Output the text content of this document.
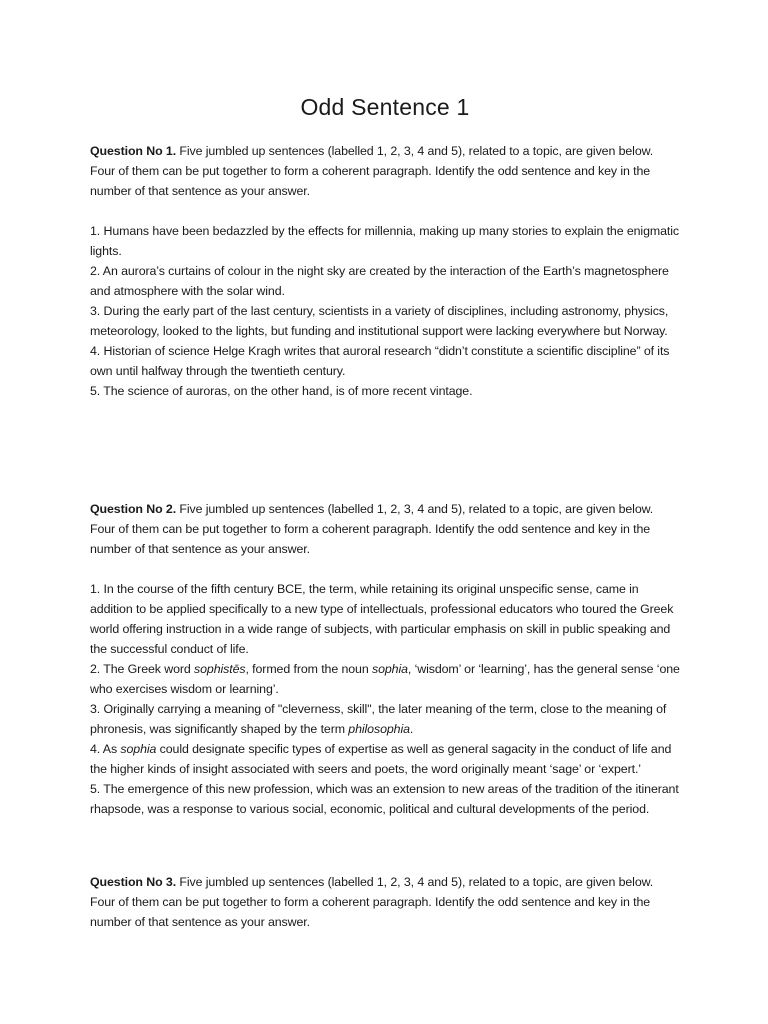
Odd Sentence 1

Question No 1. Five jumbled up sentences (labelled 1, 2, 3, 4 and 5), related to a topic, are given below. Four of them can be put together to form a coherent paragraph. Identify the odd sentence and key in the number of that sentence as your answer.

1. Humans have been bedazzled by the effects for millennia, making up many stories to explain the enigmatic lights.

2. An aurora’s curtains of colour in the night sky are created by the interaction of the Earth’s magnetosphere and atmosphere with the solar wind.

3. During the early part of the last century, scientists in a variety of disciplines, including astronomy, physics, meteorology, looked to the lights, but funding and institutional support were lacking everywhere but Norway.

4. Historian of science Helge Kragh writes that auroral research “didn’t constitute a scientific discipline” of its own until halfway through the twentieth century.

5. The science of auroras, on the other hand, is of more recent vintage.

Question No 2. Five jumbled up sentences (labelled 1, 2, 3, 4 and 5), related to a topic, are given below. Four of them can be put together to form a coherent paragraph. Identify the odd sentence and key in the number of that sentence as your answer.

1. In the course of the fifth century BCE, the term, while retaining its original unspecific sense, came in addition to be applied specifically to a new type of intellectuals, professional educators who toured the Greek world offering instruction in a wide range of subjects, with particular emphasis on skill in public speaking and the successful conduct of life.

2. The Greek word sophistēs, formed from the noun sophia, ‘wisdom’ or ‘learning’, has the general sense ‘one who exercises wisdom or learning’.

3. Originally carrying a meaning of "cleverness, skill", the later meaning of the term, close to the meaning of phronesis, was significantly shaped by the term philosophia.

4. As sophia could designate specific types of expertise as well as general sagacity in the conduct of life and the higher kinds of insight associated with seers and poets, the word originally meant ‘sage’ or ‘expert.’

5. The emergence of this new profession, which was an extension to new areas of the tradition of the itinerant rhapsode, was a response to various social, economic, political and cultural developments of the period.

Question No 3. Five jumbled up sentences (labelled 1, 2, 3, 4 and 5), related to a topic, are given below. Four of them can be put together to form a coherent paragraph. Identify the odd sentence and key in the number of that sentence as your answer.
